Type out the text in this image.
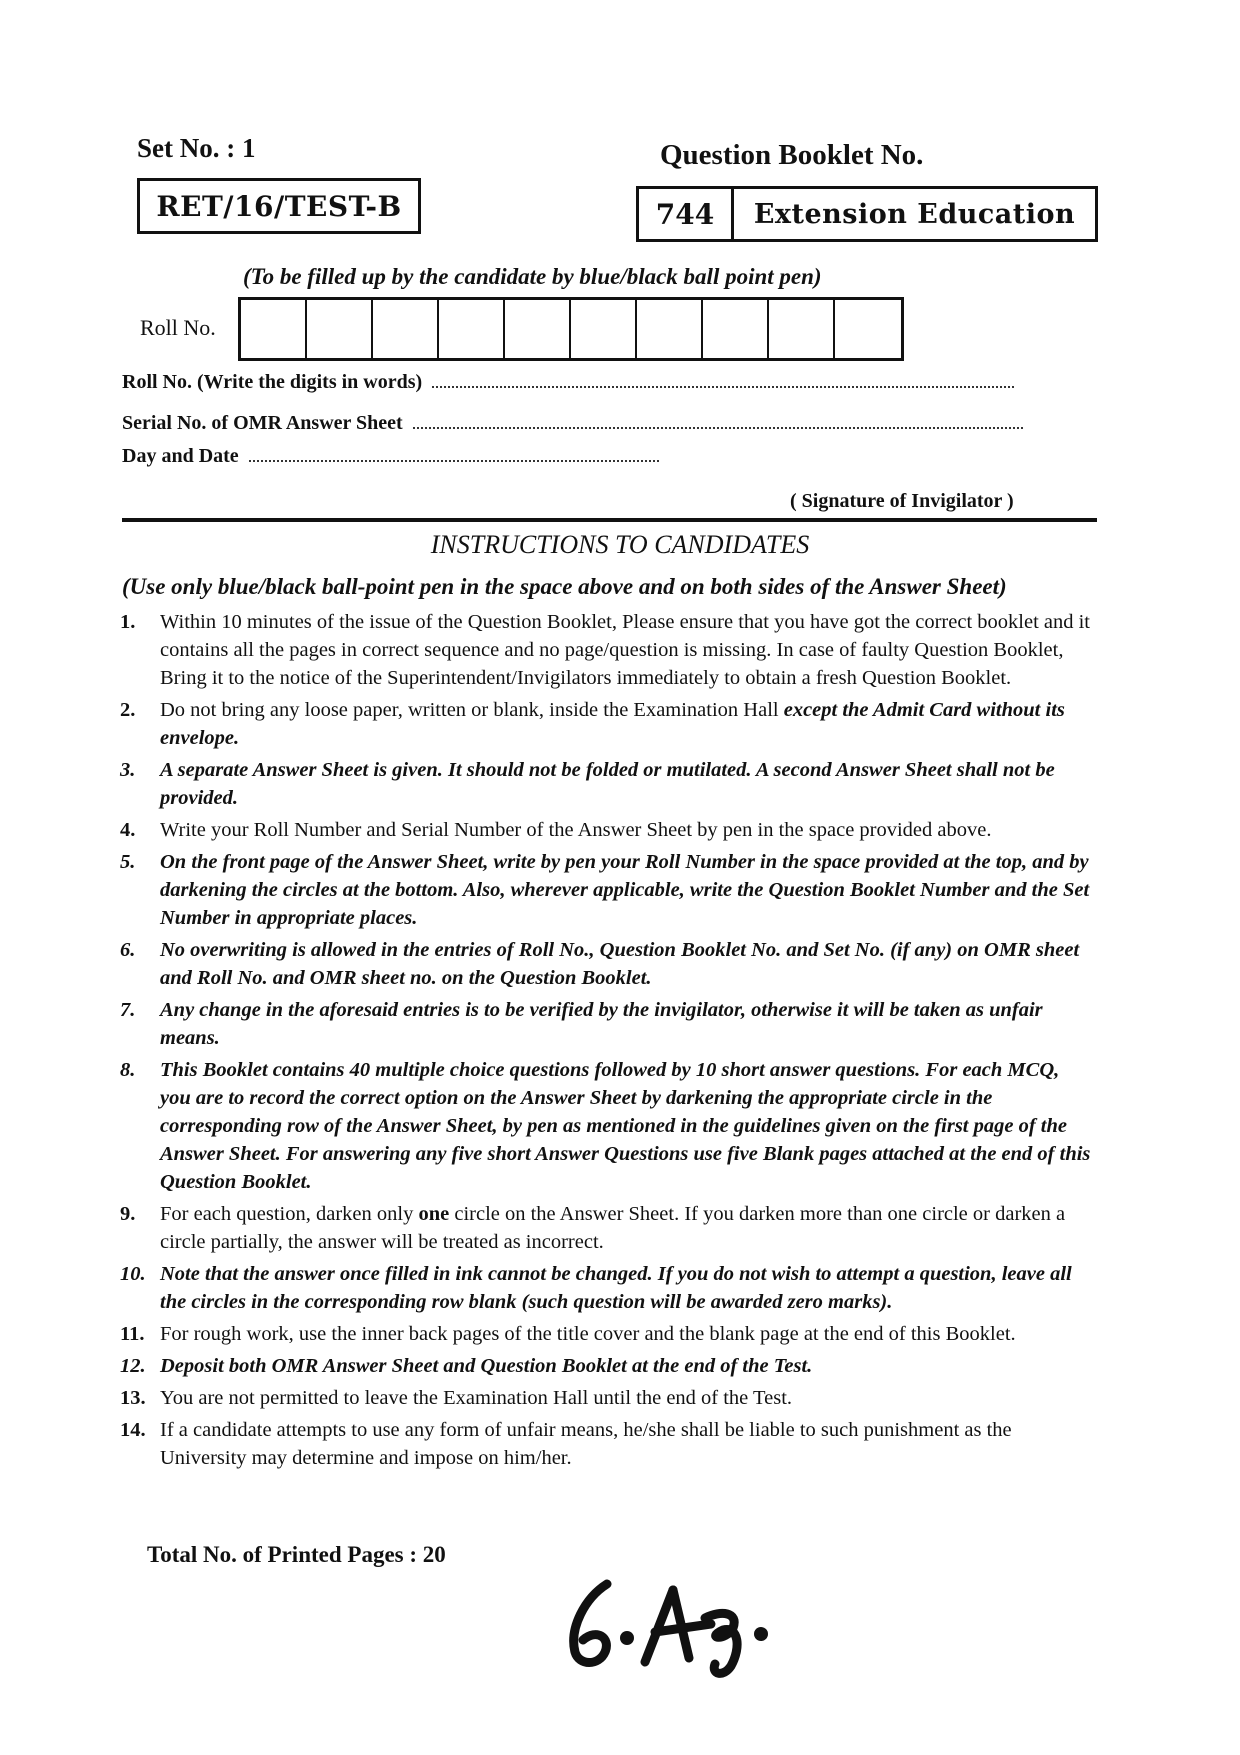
Set No. : 1	Question Booklet No.
RET/16/TEST-B	744	Extension Education
(To be filled up by the candidate by blue/black ball point pen)
Roll No.
Roll No. (Write the digits in words)
Serial No. of OMR Answer Sheet
Day and Date
( Signature of Invigilator )
INSTRUCTIONS TO CANDIDATES
(Use only blue/black ball-point pen in the space above and on both sides of the Answer Sheet)
1. Within 10 minutes of the issue of the Question Booklet, Please ensure that you have got the correct booklet and it contains all the pages in correct sequence and no page/question is missing. In case of faulty Question Booklet, Bring it to the notice of the Superintendent/Invigilators immediately to obtain a fresh Question Booklet.
2. Do not bring any loose paper, written or blank, inside the Examination Hall except the Admit Card without its envelope.
3. A separate Answer Sheet is given. It should not be folded or mutilated. A second Answer Sheet shall not be provided.
4. Write your Roll Number and Serial Number of the Answer Sheet by pen in the space provided above.
5. On the front page of the Answer Sheet, write by pen your Roll Number in the space provided at the top, and by darkening the circles at the bottom. Also, wherever applicable, write the Question Booklet Number and the Set Number in appropriate places.
6. No overwriting is allowed in the entries of Roll No., Question Booklet No. and Set No. (if any) on OMR sheet and Roll No. and OMR sheet no. on the Question Booklet.
7. Any change in the aforesaid entries is to be verified by the invigilator, otherwise it will be taken as unfair means.
8. This Booklet contains 40 multiple choice questions followed by 10 short answer questions. For each MCQ, you are to record the correct option on the Answer Sheet by darkening the appropriate circle in the corresponding row of the Answer Sheet, by pen as mentioned in the guidelines given on the first page of the Answer Sheet. For answering any five short Answer Questions use five Blank pages attached at the end of this Question Booklet.
9. For each question, darken only one circle on the Answer Sheet. If you darken more than one circle or darken a circle partially, the answer will be treated as incorrect.
10. Note that the answer once filled in ink cannot be changed. If you do not wish to attempt a question, leave all the circles in the corresponding row blank (such question will be awarded zero marks).
11. For rough work, use the inner back pages of the title cover and the blank page at the end of this Booklet.
12. Deposit both OMR Answer Sheet and Question Booklet at the end of the Test.
13. You are not permitted to leave the Examination Hall until the end of the Test.
14. If a candidate attempts to use any form of unfair means, he/she shall be liable to such punishment as the University may determine and impose on him/her.
Total No. of Printed Pages : 20
